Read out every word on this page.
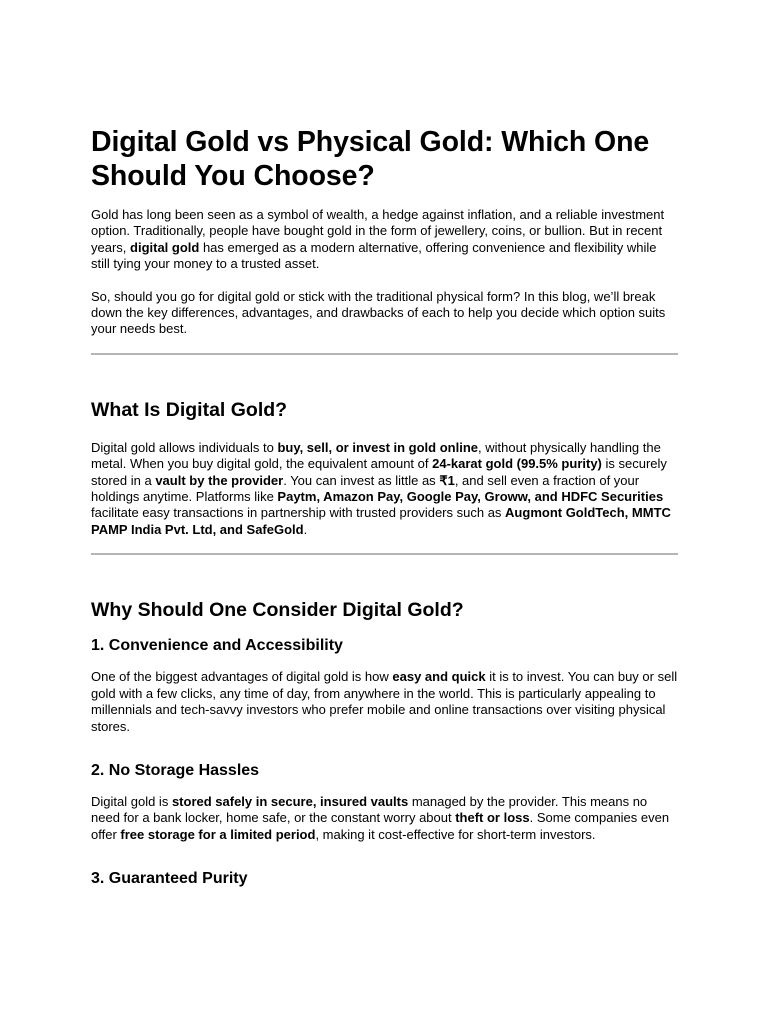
Digital Gold vs Physical Gold: Which One Should You Choose?

Gold has long been seen as a symbol of wealth, a hedge against inflation, and a reliable investment option. Traditionally, people have bought gold in the form of jewellery, coins, or bullion. But in recent years, digital gold has emerged as a modern alternative, offering convenience and flexibility while still tying your money to a trusted asset.

So, should you go for digital gold or stick with the traditional physical form? In this blog, we’ll break down the key differences, advantages, and drawbacks of each to help you decide which option suits your needs best.

What Is Digital Gold?

Digital gold allows individuals to buy, sell, or invest in gold online, without physically handling the metal. When you buy digital gold, the equivalent amount of 24-karat gold (99.5% purity) is securely stored in a vault by the provider. You can invest as little as ₹1, and sell even a fraction of your holdings anytime. Platforms like Paytm, Amazon Pay, Google Pay, Groww, and HDFC Securities facilitate easy transactions in partnership with trusted providers such as Augmont GoldTech, MMTC PAMP India Pvt. Ltd, and SafeGold.

Why Should One Consider Digital Gold?
1. Convenience and Accessibility

One of the biggest advantages of digital gold is how easy and quick it is to invest. You can buy or sell gold with a few clicks, any time of day, from anywhere in the world. This is particularly appealing to millennials and tech-savvy investors who prefer mobile and online transactions over visiting physical stores.

2. No Storage Hassles

Digital gold is stored safely in secure, insured vaults managed by the provider. This means no need for a bank locker, home safe, or the constant worry about theft or loss. Some companies even offer free storage for a limited period, making it cost-effective for short-term investors.

3. Guaranteed Purity
